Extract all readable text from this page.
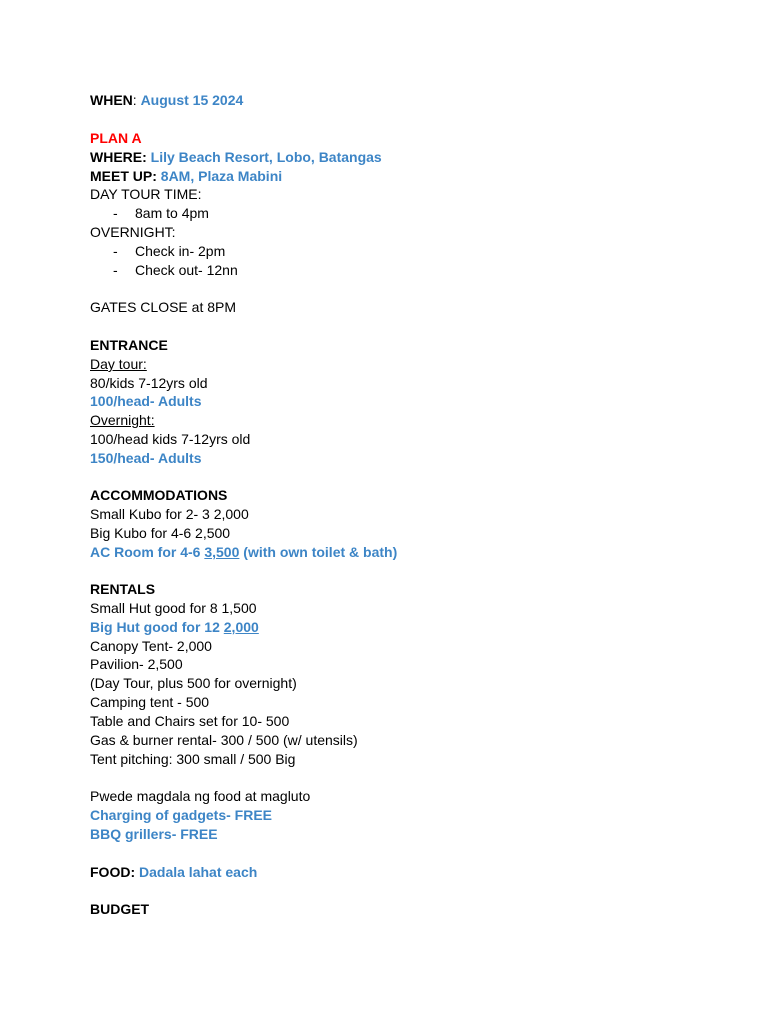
WHEN: August 15 2024
PLAN A
WHERE: Lily Beach Resort, Lobo, Batangas
MEET UP: 8AM, Plaza Mabini
DAY TOUR TIME:
- 8am to 4pm
OVERNIGHT:
- Check in- 2pm
- Check out- 12nn
GATES CLOSE at 8PM
ENTRANCE
Day tour:
80/kids 7-12yrs old
100/head- Adults
Overnight:
100/head kids 7-12yrs old
150/head- Adults
ACCOMMODATIONS
Small Kubo for 2- 3 2,000
Big Kubo for 4-6 2,500
AC Room for 4-6 3,500 (with own toilet & bath)
RENTALS
Small Hut good for 8 1,500
Big Hut good for 12 2,000
Canopy Tent- 2,000
Pavilion- 2,500
(Day Tour, plus 500 for overnight)
Camping tent - 500
Table and Chairs set for 10- 500
Gas & burner rental- 300 / 500 (w/ utensils)
Tent pitching: 300 small / 500 Big
Pwede magdala ng food at magluto
Charging of gadgets- FREE
BBQ grillers- FREE
FOOD: Dadala lahat each
BUDGET
